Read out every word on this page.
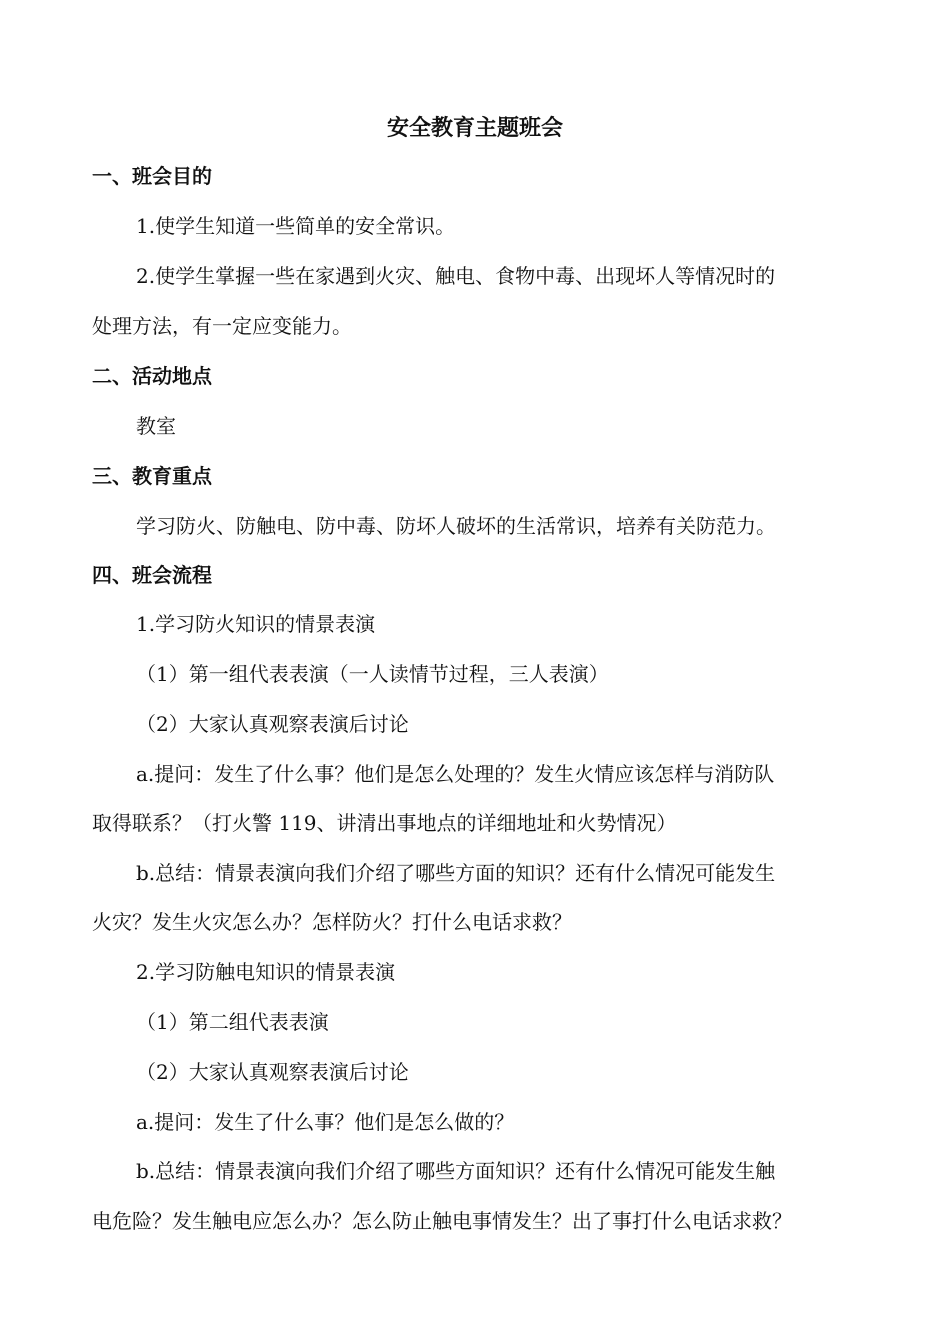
安全教育主题班会

一、班会目的

1.使学生知道一些简单的安全常识。

2.使学生掌握一些在家遇到火灾、触电、食物中毒、出现坏人等情况时的

处理方法，有一定应变能力。

二、活动地点

教室

三、教育重点

学习防火、防触电、防中毒、防坏人破坏的生活常识，培养有关防范力。

四、班会流程

1.学习防火知识的情景表演

（1）第一组代表表演（一人读情节过程，三人表演）

（2）大家认真观察表演后讨论

a.提问：发生了什么事？他们是怎么处理的？发生火情应该怎样与消防队

取得联系？（打火警 119、讲清出事地点的详细地址和火势情况）

b.总结：情景表演向我们介绍了哪些方面的知识？还有什么情况可能发生

火灾？发生火灾怎么办？怎样防火？打什么电话求救？

2.学习防触电知识的情景表演

（1）第二组代表表演

（2）大家认真观察表演后讨论

a.提问：发生了什么事？他们是怎么做的？

b.总结：情景表演向我们介绍了哪些方面知识？还有什么情况可能发生触

电危险？发生触电应怎么办？怎么防止触电事情发生？出了事打什么电话求救？
